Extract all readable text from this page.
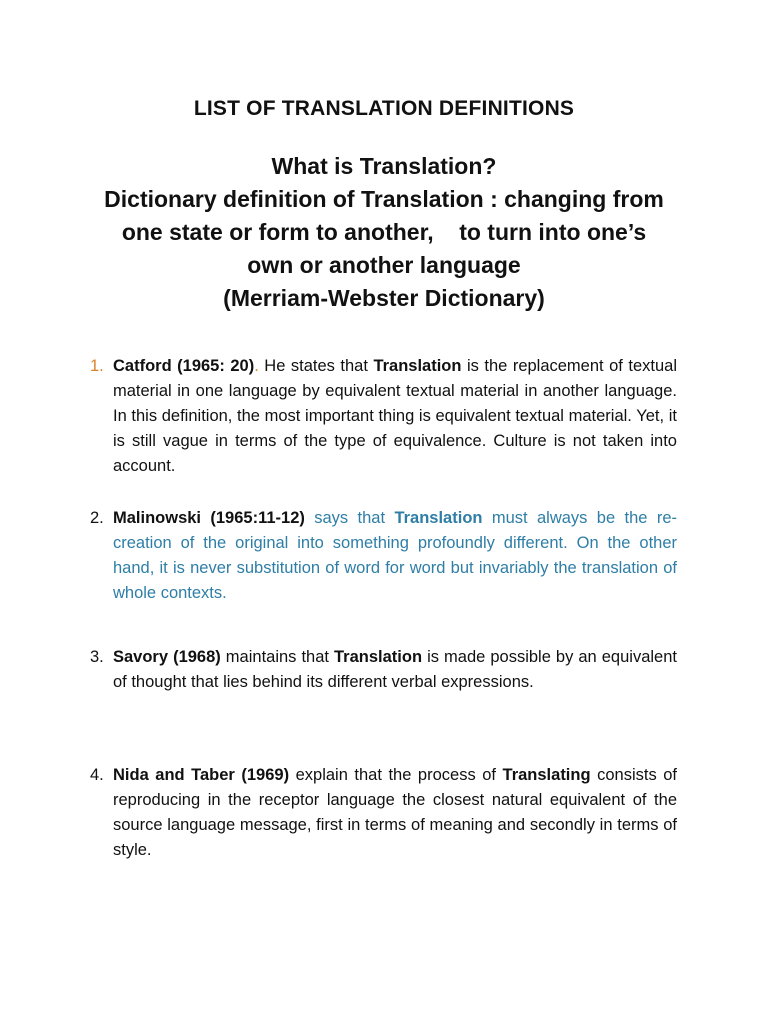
LIST OF TRANSLATION DEFINITIONS
What is Translation?
Dictionary definition of Translation : changing from
one state or form to another,    to turn into one’s
own or another language
(Merriam-Webster Dictionary)
1. Catford (1965: 20). He states that Translation is the replacement of textual material in one language by equivalent textual material in another language. In this definition, the most important thing is equivalent textual material. Yet, it is still vague in terms of the type of equivalence. Culture is not taken into account.
2. Malinowski (1965:11-12) says that Translation must always be the re-creation of the original into something profoundly different. On the other hand, it is never substitution of word for word but invariably the translation of whole contexts.
3. Savory (1968) maintains that Translation is made possible by an equivalent of thought that lies behind its different verbal expressions.
4. Nida and Taber (1969) explain that the process of Translating consists of reproducing in the receptor language the closest natural equivalent of the source language message, first in terms of meaning and secondly in terms of style.
